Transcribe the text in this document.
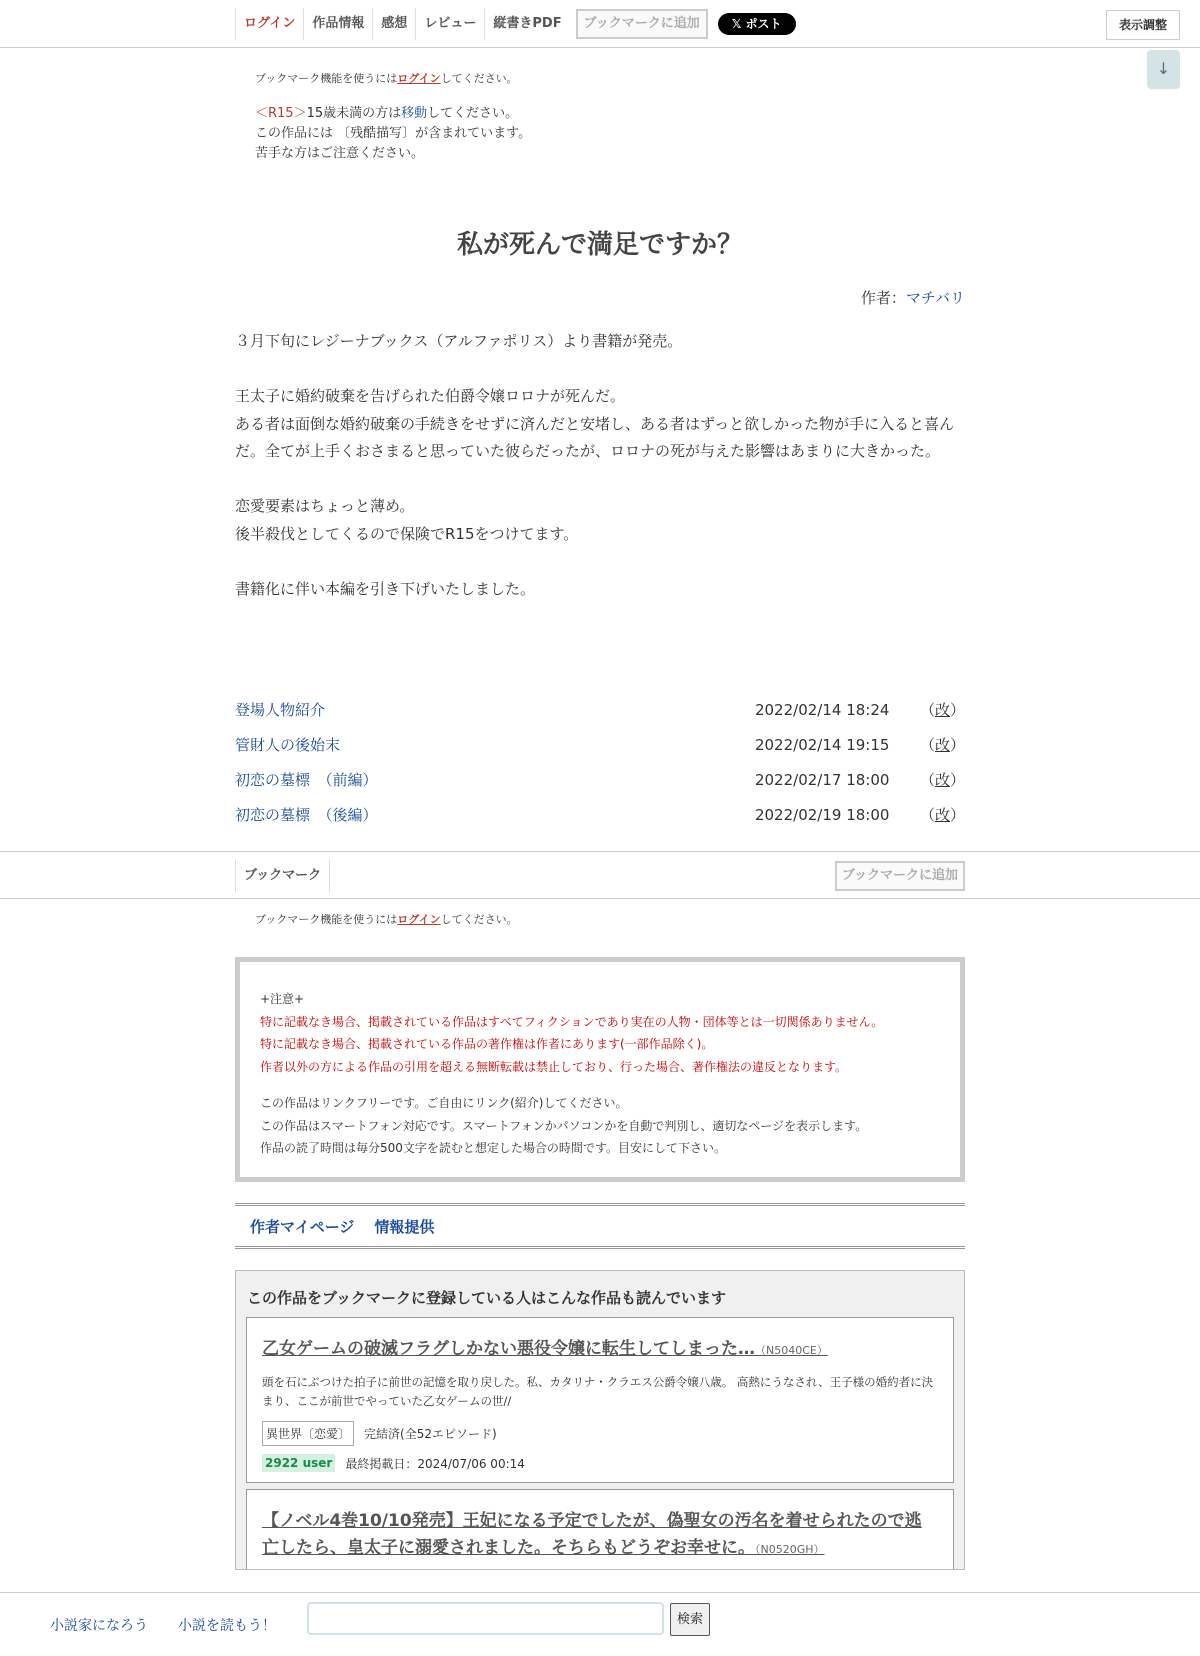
ログイン	作品情報	感想	レビュー	縦書きPDF	ブックマークに追加	𝕏 ポスト	表示調整
↓
ブックマーク機能を使うにはログインしてください。
＜R15＞15歳未満の方は移動してください。
この作品には 〔残酷描写〕が含まれています。
苦手な方はご注意ください。
私が死んで満足ですか？
作者：マチバリ

３月下旬にレジーナブックス（アルファポリス）より書籍が発売。

王太子に婚約破棄を告げられた伯爵令嬢ロロナが死んだ。

ある者は面倒な婚約破棄の手続きをせずに済んだと安堵し、ある者はずっと欲しかった物が手に入ると喜んだ。全てが上手くおさまると思っていた彼らだったが、ロロナの死が与えた影響はあまりに大きかった。

恋愛要素はちょっと薄め。

後半殺伐としてくるので保険でR15をつけてます。

書籍化に伴い本編を引き下げいたしました。

登場人物紹介	2022/02/14 18:24	（改）
管財人の後始末	2022/02/14 19:15	（改）
初恋の墓標　（前編）	2022/02/17 18:00	（改）
初恋の墓標　（後編）	2022/02/19 18:00	（改）
ブックマーク	ブックマークに追加
ブックマーク機能を使うにはログインしてください。
+注意+
特に記載なき場合、掲載されている作品はすべてフィクションであり実在の人物・団体等とは一切関係ありません。
特に記載なき場合、掲載されている作品の著作権は作者にあります(一部作品除く)。
作者以外の方による作品の引用を超える無断転載は禁止しており、行った場合、著作権法の違反となります。
この作品はリンクフリーです。ご自由にリンク(紹介)してください。
この作品はスマートフォン対応です。スマートフォンかパソコンかを自動で判別し、適切なページを表示します。
作品の読了時間は毎分500文字を読むと想定した場合の時間です。目安にして下さい。
作者マイページ 情報提供
この作品をブックマークに登録している人はこんな作品も読んでいます
乙女ゲームの破滅フラグしかない悪役令嬢に転生してしまった…（N5040CE）
頭を石にぶつけた拍子に前世の記憶を取り戻した。私、カタリナ・クラエス公爵令嬢八歳。 高熱にうなされ、王子様の婚約者に決まり、ここが前世でやっていた乙女ゲームの世//
異世界〔恋愛〕	完結済(全52エピソード)
2922 user 最終掲載日：2024/07/06 00:14
【ノベル4巻10/10発売】王妃になる予定でしたが、偽聖女の汚名を着せられたので逃亡したら、皇太子に溺愛されました。そちらもどうぞお幸せに。（N0520GH）
小説家になろう 小説を読もう！	検索
